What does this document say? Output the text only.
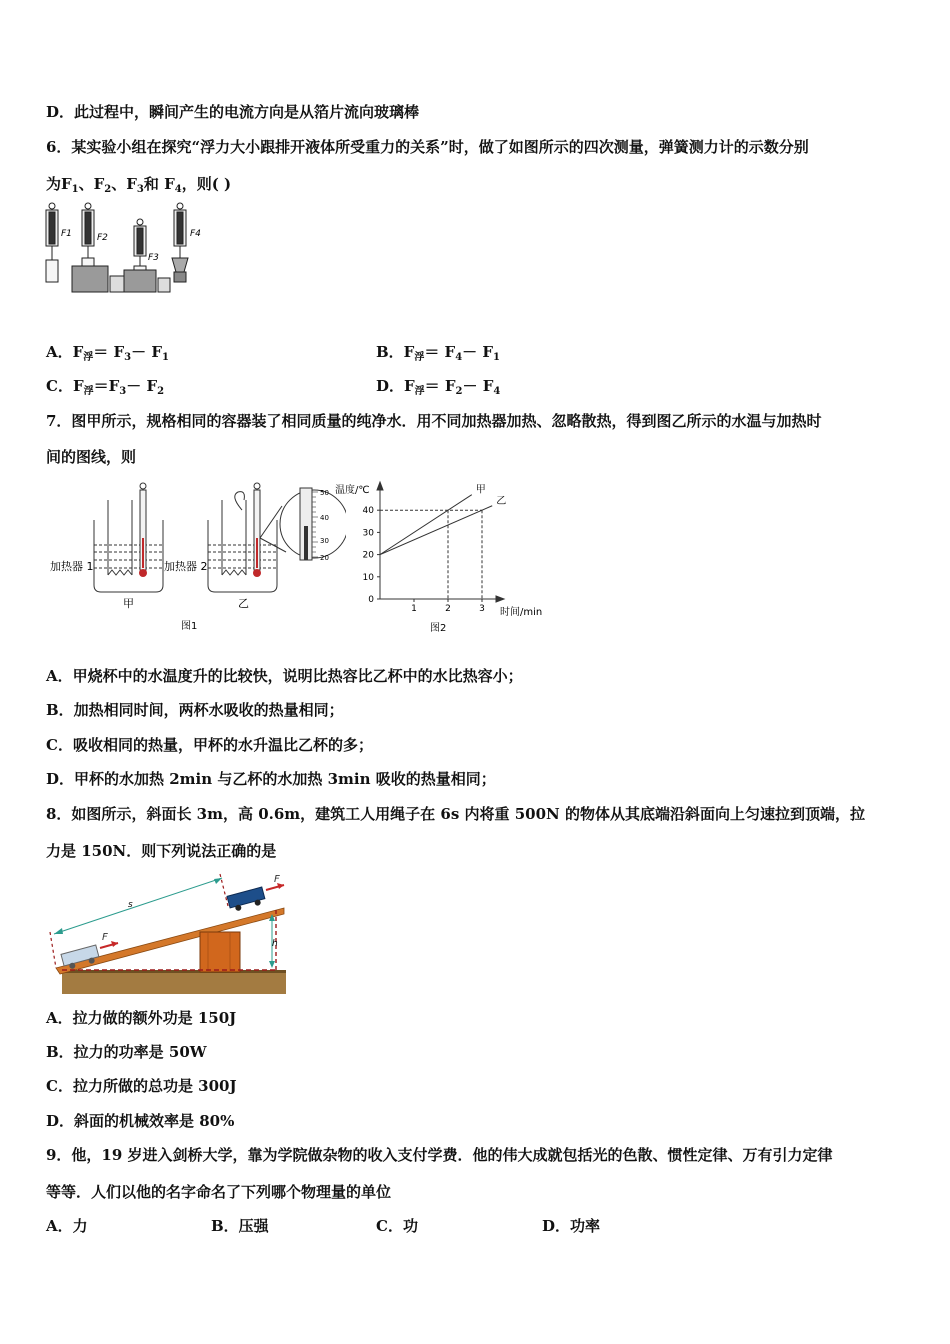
D．此过程中，瞬间产生的电流方向是从箔片流向玻璃棒
6．某实验小组在探究“浮力大小跟排开液体所受重力的关系”时，做了如图所示的四次测量，弹簧测力计的示数分别
为$F_1$、$F_2$、$F_3$和 $F_4$，则( )
F1	F2
F3
F4
A．$F_浮= F_3- F_1$	B．$F_浮= F_4- F_1$
C．$F_浮=F_3- F_2$	D．$F_浮= F_2- F_4$
7．图甲所示，规格相同的容器装了相同质量的纯净水．用不同加热器加热、忽略散热，得到图乙所示的水温与加热时
间的图线，则
加热器 1
甲
加热器 2
乙
50
40
30
20
图1
温度/℃
时间/min
图2
0
10
20
30
40
1	2	3
甲
乙
A．甲烧杯中的水温度升的比较快，说明比热容比乙杯中的水比热容小；
B．加热相同时间，两杯水吸收的热量相同；
C．吸收相同的热量，甲杯的水升温比乙杯的多；
D．甲杯的水加热 2min 与乙杯的水加热 3min 吸收的热量相同；
8．如图所示，斜面长 3m，高 0.6m，建筑工人用绳子在 6s 内将重 500N 的物体从其底端沿斜面向上匀速拉到顶端，拉
力是 150N．则下列说法正确的是
s
h
F
F
A．拉力做的额外功是 150J
B．拉力的功率是 50W
C．拉力所做的总功是 300J
D．斜面的机械效率是 80%
9．他，19 岁进入剑桥大学，靠为学院做杂物的收入支付学费．他的伟大成就包括光的色散、惯性定律、万有引力定律
等等．人们以他的名字命名了下列哪个物理量的单位
A．力	B．压强	C．功	D．功率
